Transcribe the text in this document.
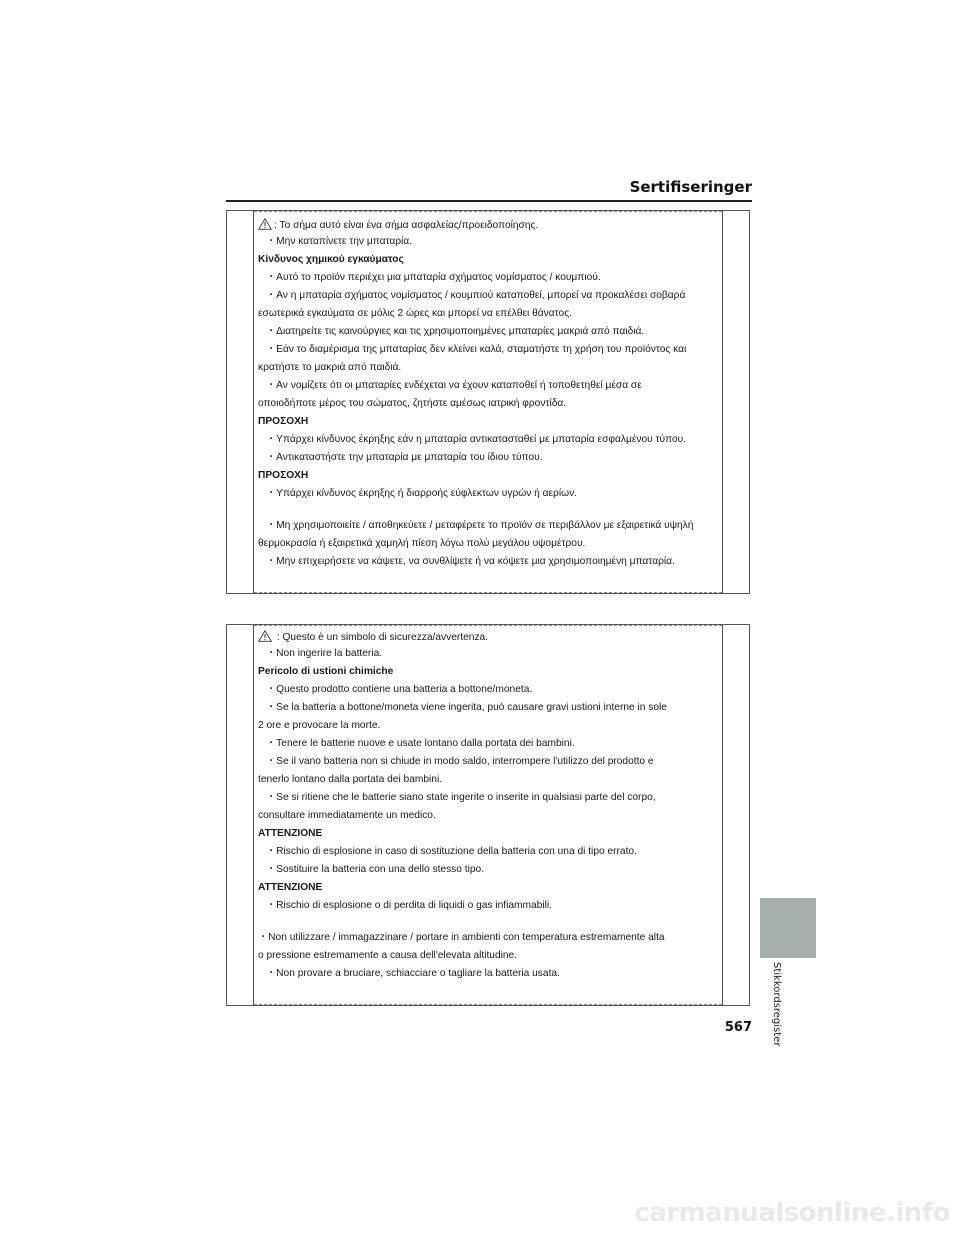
Sertifiseringer
: Το σήμα αυτό είναι ένα σήμα ασφαλείας/προειδοποίησης.
・Μην καταπίνετε την μπαταρία.
Κίνδυνος χημικού εγκαύματος
・Αυτό το προϊόν περιέχει μια μπαταρία σχήματος νομίσματος / κουμπιού.
・Αν η μπαταρία σχήματος νομίσματος / κουμπιού καταποθεί, μπορεί να προκαλέσει σοβαρά
εσωτερικά εγκαύματα σε μόλις 2 ώρες και μπορεί να επέλθει θάνατος.
・Διατηρείτε τις καινούργιες και τις χρησιμοποιημένες μπαταρίες μακριά από παιδιά.
・Εάν το διαμέρισμα της μπαταρίας δεν κλείνει καλά, σταματήστε τη χρήση του προϊόντος και
κρατήστε το μακριά από παιδιά.
・Αν νομίζετε ότι οι μπαταρίες ενδέχεται να έχουν καταποθεί ή τοποθετηθεί μέσα σε
οποιοδήποτε μέρος του σώματος, ζητήστε αμέσως ιατρική φροντίδα.
ΠΡΟΣΟΧΗ
・Υπάρχει κίνδυνος έκρηξης εάν η μπαταρία αντικατασταθεί με μπαταρία εσφαλμένου τύπου.
・Αντικαταστήστε την μπαταρία με μπαταρία του ίδιου τύπου.
ΠΡΟΣΟΧΗ
・Υπάρχει κίνδυνος έκρηξης ή διαρροής εύφλεκτων υγρών ή αερίων.
・Μη χρησιμοποιείτε / αποθηκεύετε / μεταφέρετε το προϊόν σε περιβάλλον με εξαιρετικά υψηλή
θερμοκρασία ή εξαιρετικά χαμηλή πίεση λόγω πολύ μεγάλου υψομέτρου.
・Μην επιχειρήσετε να κάψετε, να συνθλίψετε ή να κόψετε μια χρησιμοποιημένη μπαταρία.
: Questo è un simbolo di sicurezza/avvertenza.
・Non ingerire la batteria.
Pericolo di ustioni chimiche
・Questo prodotto contiene una batteria a bottone/moneta.
・Se la batteria a bottone/moneta viene ingerita, può causare gravi ustioni interne in sole
2 ore e provocare la morte.
・Tenere le batterie nuove e usate lontano dalla portata dei bambini.
・Se il vano batteria non si chiude in modo saldo, interrompere l'utilizzo del prodotto e
tenerlo lontano dalla portata dei bambini.
・Se si ritiene che le batterie siano state ingerite o inserite in qualsiasi parte del corpo,
consultare immediatamente un medico.
ATTENZIONE
・Rischio di esplosione in caso di sostituzione della batteria con una di tipo errato.
・Sostituire la batteria con una dello stesso tipo.
ATTENZIONE
・Rischio di esplosione o di perdita di liquidi o gas infiammabili.
・Non utilizzare / immagazzinare / portare in ambienti con temperatura estremamente alta
o pressione estremamente a causa dell'elevata altitudine.
・Non provare a bruciare, schiacciare o tagliare la batteria usata.	Stikkordsregister
567
carmanualsonline.info
